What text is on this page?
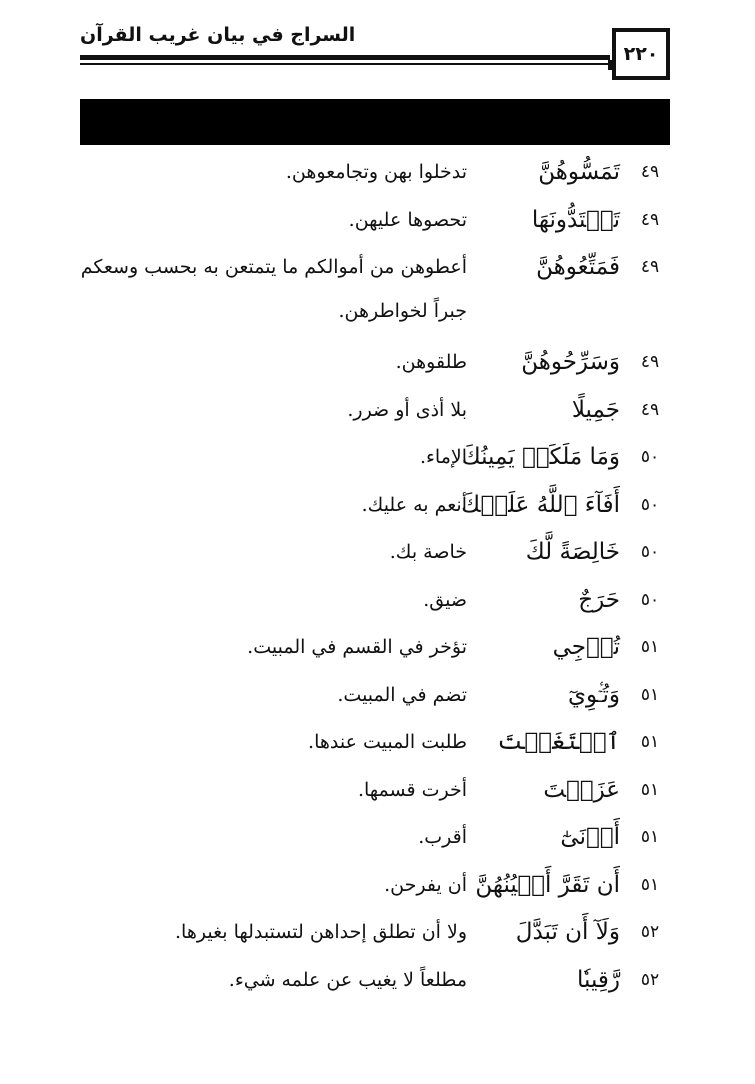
السراج في بيان غريب القرآن
٢٢٠
٤٩
تَمَسُّوهُنَّ
تدخلوا بهن وتجامعوهن.
٤٩
تَعۡتَدُّونَهَا
تحصوها عليهن.
٤٩
فَمَتِّعُوهُنَّ
أعطوهن من أموالكم ما يتمتعن به بحسب وسعكم جبراً لخواطرهن.
٤٩
وَسَرِّحُوهُنَّ
طلقوهن.
٤٩
جَمِيلًا
بلا أذى أو ضرر.
٥٠
وَمَا مَلَكَتۡ يَمِينُكَ
الإماء.
٥٠
أَفَآءَ ٱللَّهُ عَلَيۡكَ
أنعم به عليك.
٥٠
خَالِصَةً لَّكَ
خاصة بك.
٥٠
حَرَجٌ
ضيق.
٥١
تُرۡجِي
تؤخر في القسم في المبيت.
٥١
وَتُـٔۡوِيٓ
تضم في المبيت.
٥١
ٱبۡتَغَيۡتَ
طلبت المبيت عندها.
٥١
عَزَلۡتَ
أخرت قسمها.
٥١
أَدۡنَىٰٓ
أقرب.
٥١
أَن تَقَرَّ أَعۡيُنُهُنَّ
أن يفرحن.
٥٢
وَلَآ أَن تَبَدَّلَ
ولا أن تطلق إحداهن لتستبدلها بغيرها.
٥٢
رَّقِيبٗا
مطلعاً لا يغيب عن علمه شيء.
